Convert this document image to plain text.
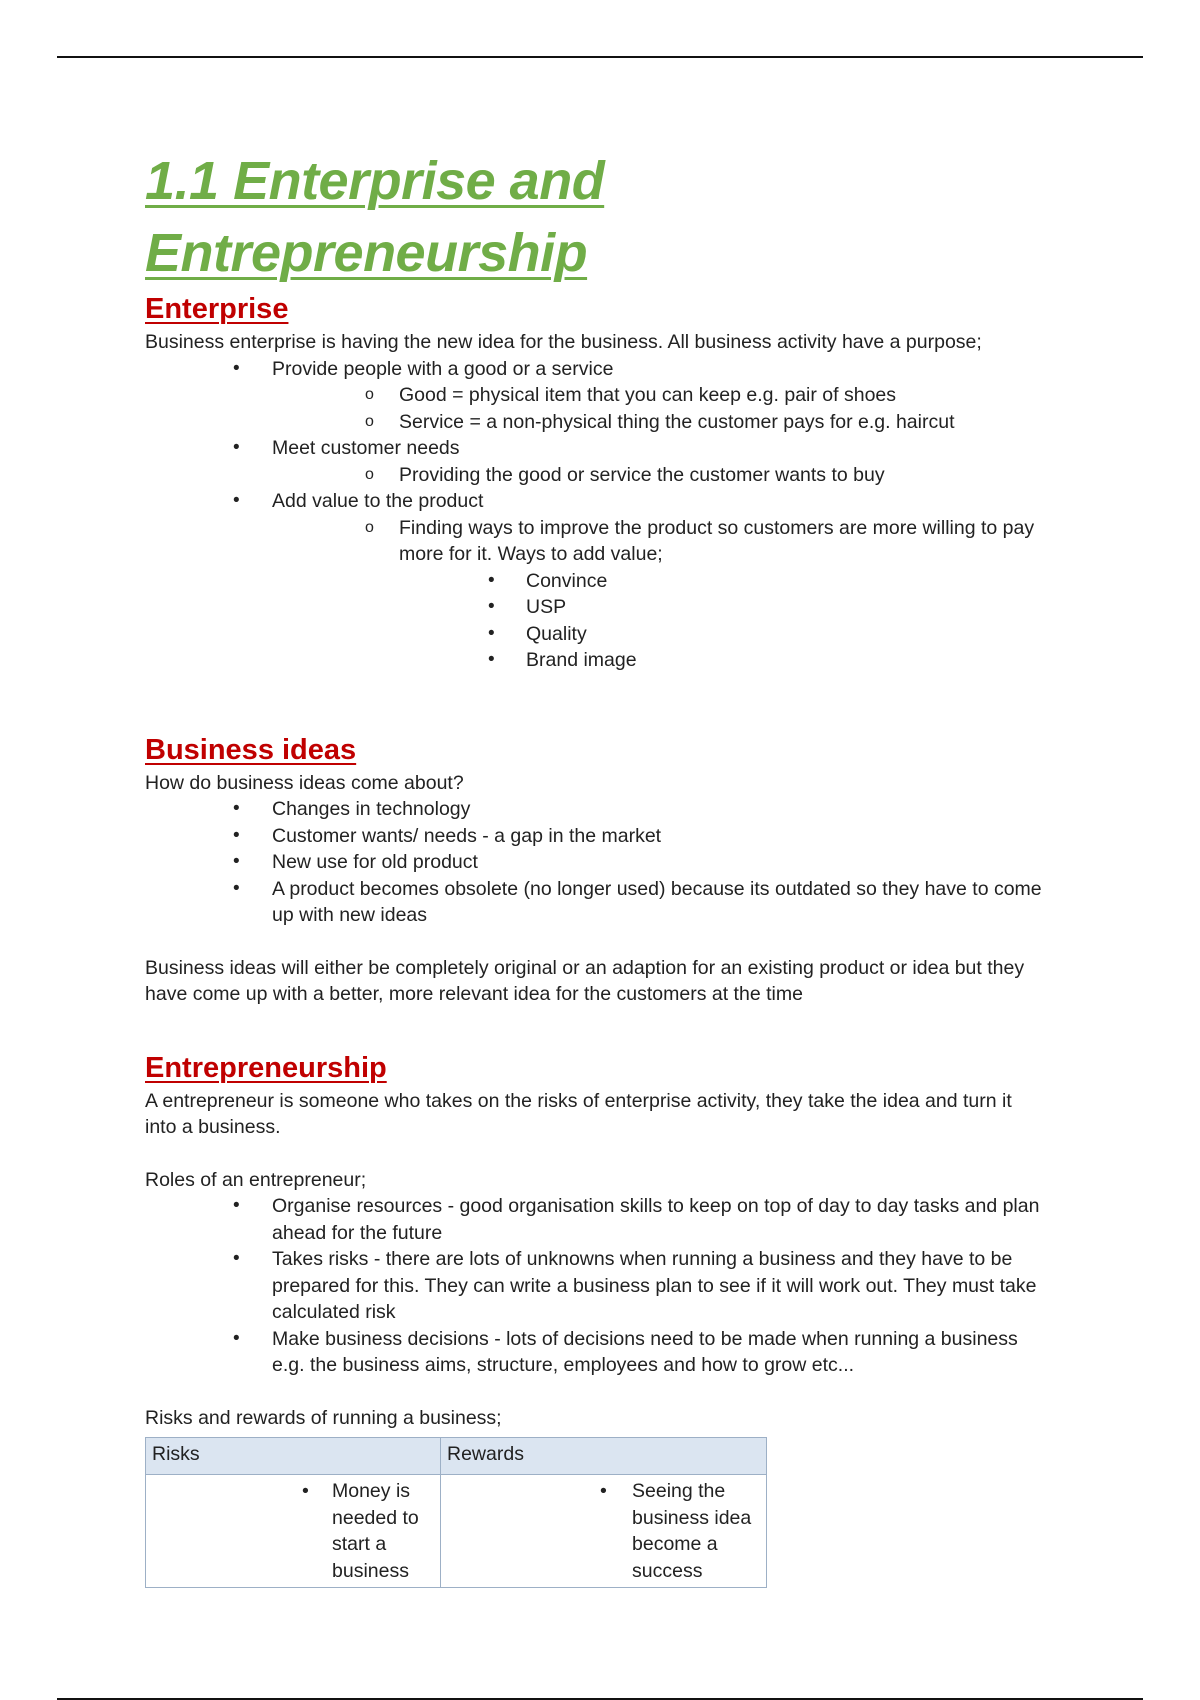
1.1 Enterprise and Entrepreneurship
Enterprise

Business enterprise is having the new idea for the business. All business activity have a purpose;

• Provide people with a good or a service
o Good = physical item that you can keep e.g. pair of shoes
o Service = a non-physical thing the customer pays for e.g. haircut
• Meet customer needs
o Providing the good or service the customer wants to buy
• Add value to the product
o Finding ways to improve the product so customers are more willing to pay more for it. Ways to add value;
• Convince
• USP
• Quality
• Brand image
Business ideas

How do business ideas come about?

• Changes in technology
• Customer wants/ needs - a gap in the market
• New use for old product
• A product becomes obsolete (no longer used) because its outdated so they have to come up with new ideas

Business ideas will either be completely original or an adaption for an existing product or idea but they have come up with a better, more relevant idea for the customers at the time

Entrepreneurship

A entrepreneur is someone who takes on the risks of enterprise activity, they take the idea and turn it into a business.

Roles of an entrepreneur;

• Organise resources - good organisation skills to keep on top of day to day tasks and plan ahead for the future
• Takes risks - there are lots of unknowns when running a business and they have to be prepared for this. They can write a business plan to see if it will work out. They must take calculated risk
• Make business decisions - lots of decisions need to be made when running a business e.g. the business aims, structure, employees and how to grow etc...

Risks and rewards of running a business;

Risks	Rewards

• Money is needed to start a business	• Seeing the business idea become a success
